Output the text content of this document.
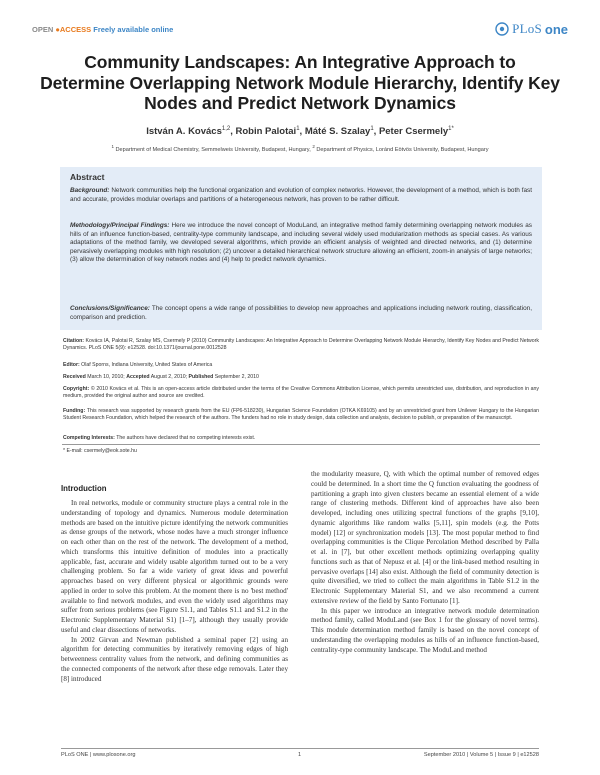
OPEN ●ACCESS Freely available online	PLoS one
Community Landscapes: An Integrative Approach to Determine Overlapping Network Module Hierarchy, Identify Key Nodes and Predict Network Dynamics
István A. Kovács$^{1,2}$, Robin Palotai$^1$, Máté S. Szalay$^1$, Peter Csermely$^{1*}$
$^1$ Department of Medical Chemistry, Semmelweis University, Budapest, Hungary, $^2$ Department of Physics, Loránd Eötvös University, Budapest, Hungary
Abstract
Background: Network communities help the functional organization and evolution of complex networks. However, the development of a method, which is both fast and accurate, provides modular overlaps and partitions of a heterogeneous network, has proven to be rather difficult.
Methodology/Principal Findings: Here we introduce the novel concept of ModuLand, an integrative method family determining overlapping network modules as hills of an influence function-based, centrality-type community landscape, and including several widely used modularization methods as special cases. As various adaptations of the method family, we developed several algorithms, which provide an efficient analysis of weighted and directed networks, and (1) determine pervasively overlapping modules with high resolution; (2) uncover a detailed hierarchical network structure allowing an efficient, zoom-in analysis of large networks; (3) allow the determination of key network nodes and (4) help to predict network dynamics.
Conclusions/Significance: The concept opens a wide range of possibilities to develop new approaches and applications including network routing, classification, comparison and prediction.
Citation: Kovács IA, Palotai R, Szalay MS, Csermely P (2010) Community Landscapes: An Integrative Approach to Determine Overlapping Network Module Hierarchy, Identify Key Nodes and Predict Network Dynamics. PLoS ONE 5(9): e12528. doi:10.1371/journal.pone.0012528
Editor: Olaf Sporns, Indiana University, United States of America
Received March 10, 2010; Accepted August 2, 2010; Published September 2, 2010
Copyright: © 2010 Kovács et al. This is an open-access article distributed under the terms of the Creative Commons Attribution License, which permits unrestricted use, distribution, and reproduction in any medium, provided the original author and source are credited.
Funding: This research was supported by research grants from the EU (FP6-518230), Hungarian Science Foundation (OTKA K69105) and by an unrestricted grant from Unilever Hungary to the Hungarian Student Research Foundation, which helped the research of the authors. The funders had no role in study design, data collection and analysis, decision to publish, or preparation of the manuscript.
Competing Interests: The authors have declared that no competing interests exist.
* E-mail: csermely@eok.sote.hu
Introduction

In real networks, module or community structure plays a central role in the understanding of topology and dynamics. Numerous module determination methods are based on the intuitive picture identifying the network communities as dense groups of the network, whose nodes have a much stronger influence on each other than on the rest of the network. The development of a method, which transforms this intuitive definition of modules into a practically applicable, fast, accurate and widely usable algorithm turned out to be a very challenging problem. So far a wide variety of great ideas and powerful approaches based on very different physical or algorithmic grounds were applied in order to solve this problem. At the moment there is no 'best method' available to find network modules, and even the widely used algorithms may suffer from serious problems (see Figure S1.1, and Tables S1.1 and S1.2 in the Electronic Supplementary Material S1) [1–7], although they usually provide useful and clear dissections of networks.

In 2002 Girvan and Newman published a seminal paper [2] using an algorithm for detecting communities by iteratively removing edges of high betweenness centrality values from the network, and defining communities as the connected components of the network after these edge removals. Later they [8] introduced

the modularity measure, Q, with which the optimal number of removed edges could be determined. In a short time the Q function evaluating the goodness of partitioning a graph into given clusters became an essential element of a wide range of clustering methods. Different kind of approaches have also been developed, including ones utilizing spectral functions of the graphs [9,10], dynamic algorithms like random walks [5,11], spin models (e.g. the Potts model) [12] or synchronization models [13]. The most popular method to find overlapping communities is the Clique Percolation Method described by Palla et al. in [7], but other excellent methods optimizing overlapping quality functions such as that of Nepusz et al. [4] or the link-based method resulting in pervasive overlaps [14] also exist. Although the field of community detection is quite diversified, we tried to collect the main algorithms in Table S1.2 in the Electronic Supplementary Material S1, and we also recommend a current extensive review of the field by Santo Fortunato [1].

In this paper we introduce an integrative network module determination method family, called ModuLand (see Box 1 for the glossary of novel terms). This module determination method family is based on the novel concept of understanding the overlapping modules as hills of an influence function-based, centrality-type community landscape. The ModuLand method

PLoS ONE | www.plosone.org	1	September 2010 | Volume 5 | Issue 9 | e12528
